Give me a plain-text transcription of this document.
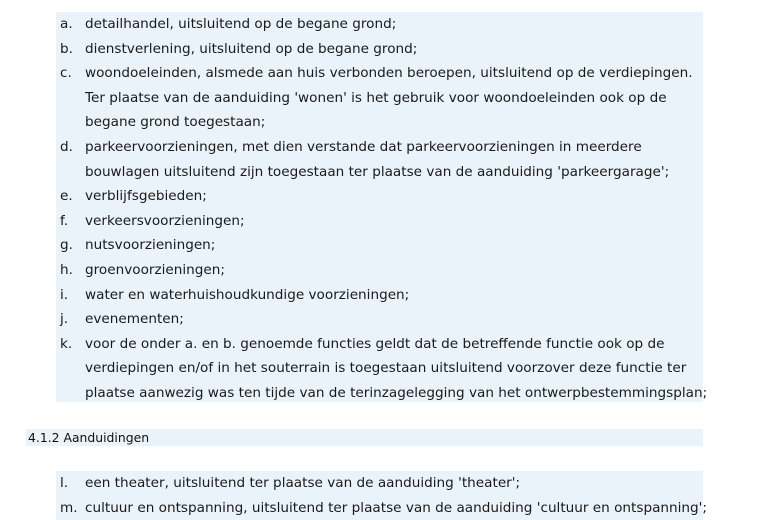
a. detailhandel, uitsluitend op de begane grond;
b. dienstverlening, uitsluitend op de begane grond;
c. woondoeleinden, alsmede aan huis verbonden beroepen, uitsluitend op de verdiepingen.
Ter plaatse van de aanduiding 'wonen' is het gebruik voor woondoeleinden ook op de
begane grond toegestaan;
d. parkeervoorzieningen, met dien verstande dat parkeervoorzieningen in meerdere
bouwlagen uitsluitend zijn toegestaan ter plaatse van de aanduiding 'parkeergarage';
e. verblijfsgebieden;
f. verkeersvoorzieningen;
g. nutsvoorzieningen;
h. groenvoorzieningen;
i. water en waterhuishoudkundige voorzieningen;
j. evenementen;
k. voor de onder a. en b. genoemde functies geldt dat de betreffende functie ook op de
verdiepingen en/of in het souterrain is toegestaan uitsluitend voorzover deze functie ter
plaatse aanwezig was ten tijde van de terinzagelegging van het ontwerpbestemmingsplan;
4.1.2 Aanduidingen
l. een theater, uitsluitend ter plaatse van de aanduiding 'theater';
m. cultuur en ontspanning, uitsluitend ter plaatse van de aanduiding 'cultuur en ontspanning';
